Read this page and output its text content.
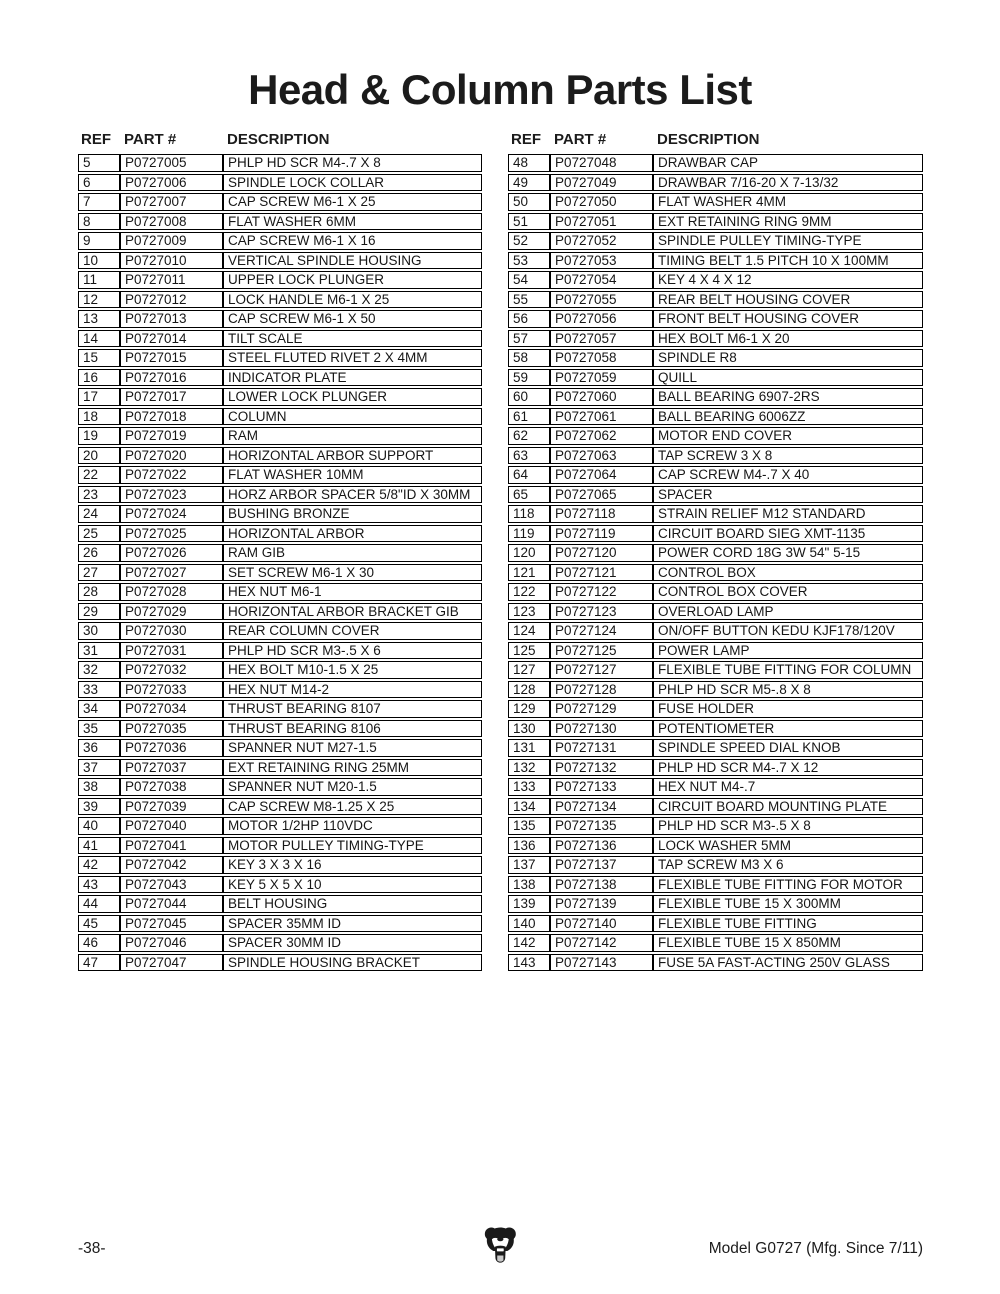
Head & Column Parts List
REF PART #	DESCRIPTION
5	P0727005	PHLP HD SCR M4-.7 X 8
6	P0727006	SPINDLE LOCK COLLAR
7	P0727007	CAP SCREW M6-1 X 25
8	P0727008	FLAT WASHER 6MM
9	P0727009	CAP SCREW M6-1 X 16
10	P0727010	VERTICAL SPINDLE HOUSING
11	P0727011	UPPER LOCK PLUNGER
12	P0727012	LOCK HANDLE M6-1 X 25
13	P0727013	CAP SCREW M6-1 X 50
14	P0727014	TILT SCALE
15	P0727015	STEEL FLUTED RIVET 2 X 4MM
16	P0727016	INDICATOR PLATE
17	P0727017	LOWER LOCK PLUNGER
18	P0727018	COLUMN
19	P0727019	RAM
20	P0727020	HORIZONTAL ARBOR SUPPORT
22	P0727022	FLAT WASHER 10MM
23	P0727023	HORZ ARBOR SPACER 5/8"ID X 30MM
24	P0727024	BUSHING BRONZE
25	P0727025	HORIZONTAL ARBOR
26	P0727026	RAM GIB
27	P0727027	SET SCREW M6-1 X 30
28	P0727028	HEX NUT M6-1
29	P0727029	HORIZONTAL ARBOR BRACKET GIB
30	P0727030	REAR COLUMN COVER
31	P0727031	PHLP HD SCR M3-.5 X 6
32	P0727032	HEX BOLT M10-1.5 X 25
33	P0727033	HEX NUT M14-2
34	P0727034	THRUST BEARING 8107
35	P0727035	THRUST BEARING 8106
36	P0727036	SPANNER NUT M27-1.5
37	P0727037	EXT RETAINING RING 25MM
38	P0727038	SPANNER NUT M20-1.5
39	P0727039	CAP SCREW M8-1.25 X 25
40	P0727040	MOTOR 1/2HP 110VDC
41	P0727041	MOTOR PULLEY TIMING-TYPE
42	P0727042	KEY 3 X 3 X 16
43	P0727043	KEY 5 X 5 X 10
44	P0727044	BELT HOUSING
45	P0727045	SPACER 35MM ID
46	P0727046	SPACER 30MM ID
47	P0727047	SPINDLE HOUSING BRACKET
REF PART #	DESCRIPTION
48	P0727048	DRAWBAR CAP
49	P0727049	DRAWBAR 7/16-20 X 7-13/32
50	P0727050	FLAT WASHER 4MM
51	P0727051	EXT RETAINING RING 9MM
52	P0727052	SPINDLE PULLEY TIMING-TYPE
53	P0727053	TIMING BELT 1.5 PITCH 10 X 100MM
54	P0727054	KEY 4 X 4 X 12
55	P0727055	REAR BELT HOUSING COVER
56	P0727056	FRONT BELT HOUSING COVER
57	P0727057	HEX BOLT M6-1 X 20
58	P0727058	SPINDLE R8
59	P0727059	QUILL
60	P0727060	BALL BEARING 6907-2RS
61	P0727061	BALL BEARING 6006ZZ
62	P0727062	MOTOR END COVER
63	P0727063	TAP SCREW 3 X 8
64	P0727064	CAP SCREW M4-.7 X 40
65	P0727065	SPACER
118	P0727118	STRAIN RELIEF M12 STANDARD
119	P0727119	CIRCUIT BOARD SIEG XMT-1135
120	P0727120	POWER CORD 18G 3W 54" 5-15
121	P0727121	CONTROL BOX
122	P0727122	CONTROL BOX COVER
123	P0727123	OVERLOAD LAMP
124	P0727124	ON/OFF BUTTON KEDU KJF178/120V
125	P0727125	POWER LAMP
127	P0727127	FLEXIBLE TUBE FITTING FOR COLUMN
128	P0727128	PHLP HD SCR M5-.8 X 8
129	P0727129	FUSE HOLDER
130	P0727130	POTENTIOMETER
131	P0727131	SPINDLE SPEED DIAL KNOB
132	P0727132	PHLP HD SCR M4-.7 X 12
133	P0727133	HEX NUT M4-.7
134	P0727134	CIRCUIT BOARD MOUNTING PLATE
135	P0727135	PHLP HD SCR M3-.5 X 8
136	P0727136	LOCK WASHER 5MM
137	P0727137	TAP SCREW M3 X 6
138	P0727138	FLEXIBLE TUBE FITTING FOR MOTOR
139	P0727139	FLEXIBLE TUBE 15 X 300MM
140	P0727140	FLEXIBLE TUBE FITTING
142	P0727142	FLEXIBLE TUBE 15 X 850MM
143	P0727143	FUSE 5A FAST-ACTING 250V GLASS
-38-	Model G0727 (Mfg. Since 7/11)
